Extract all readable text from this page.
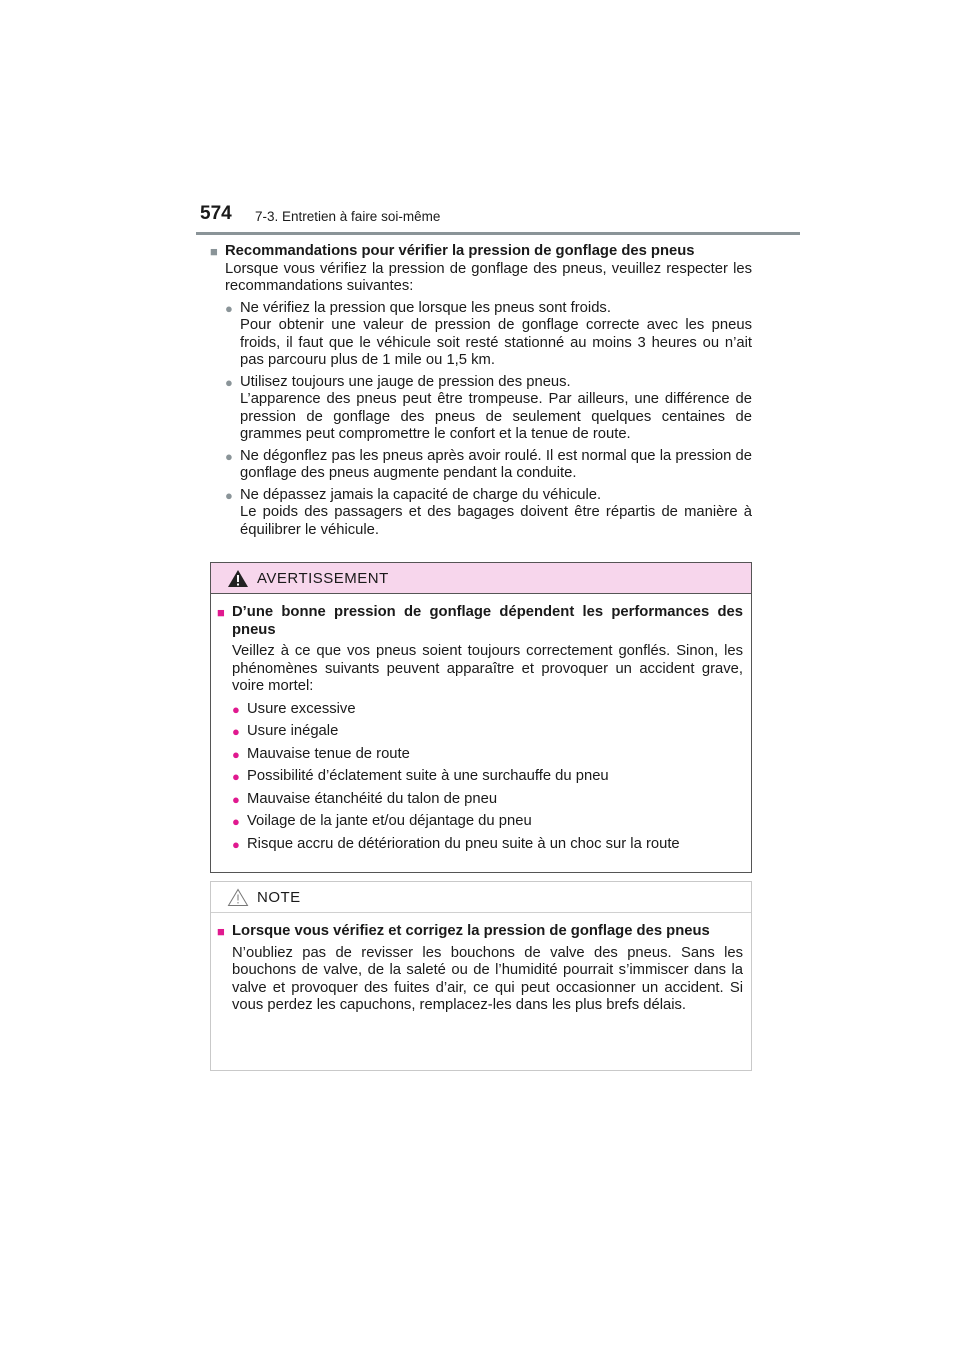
574 7-3. Entretien à faire soi-même
■ Recommandations pour vérifier la pression de gonflage des pneus
Lorsque vous vérifiez la pression de gonflage des pneus, veuillez respecter les recommandations suivantes:
● Ne vérifiez la pression que lorsque les pneus sont froids.
Pour obtenir une valeur de pression de gonflage correcte avec les pneus froids, il faut que le véhicule soit resté stationné au moins 3 heures ou n’ait pas parcouru plus de 1 mile ou 1,5 km.
● Utilisez toujours une jauge de pression des pneus.
L’apparence des pneus peut être trompeuse. Par ailleurs, une différence de pression de gonflage des pneus de seulement quelques centaines de grammes peut compromettre le confort et la tenue de route.
● Ne dégonflez pas les pneus après avoir roulé. Il est normal que la pression de gonflage des pneus augmente pendant la conduite.
● Ne dépassez jamais la capacité de charge du véhicule.
Le poids des passagers et des bagages doivent être répartis de manière à équilibrer le véhicule.
AVERTISSEMENT
■ D’une bonne pression de gonflage dépendent les performances des pneus
Veillez à ce que vos pneus soient toujours correctement gonflés. Sinon, les phénomènes suivants peuvent apparaître et provoquer un accident grave, voire mortel:
● Usure excessive
● Usure inégale
● Mauvaise tenue de route
● Possibilité d’éclatement suite à une surchauffe du pneu
● Mauvaise étanchéité du talon de pneu
● Voilage de la jante et/ou déjantage du pneu
● Risque accru de détérioration du pneu suite à un choc sur la route
NOTE
■ Lorsque vous vérifiez et corrigez la pression de gonflage des pneus
N’oubliez pas de revisser les bouchons de valve des pneus. Sans les bouchons de valve, de la saleté ou de l’humidité pourrait s’immiscer dans la valve et provoquer des fuites d’air, ce qui peut occasionner un accident. Si vous perdez les capuchons, remplacez-les dans les plus brefs délais.
